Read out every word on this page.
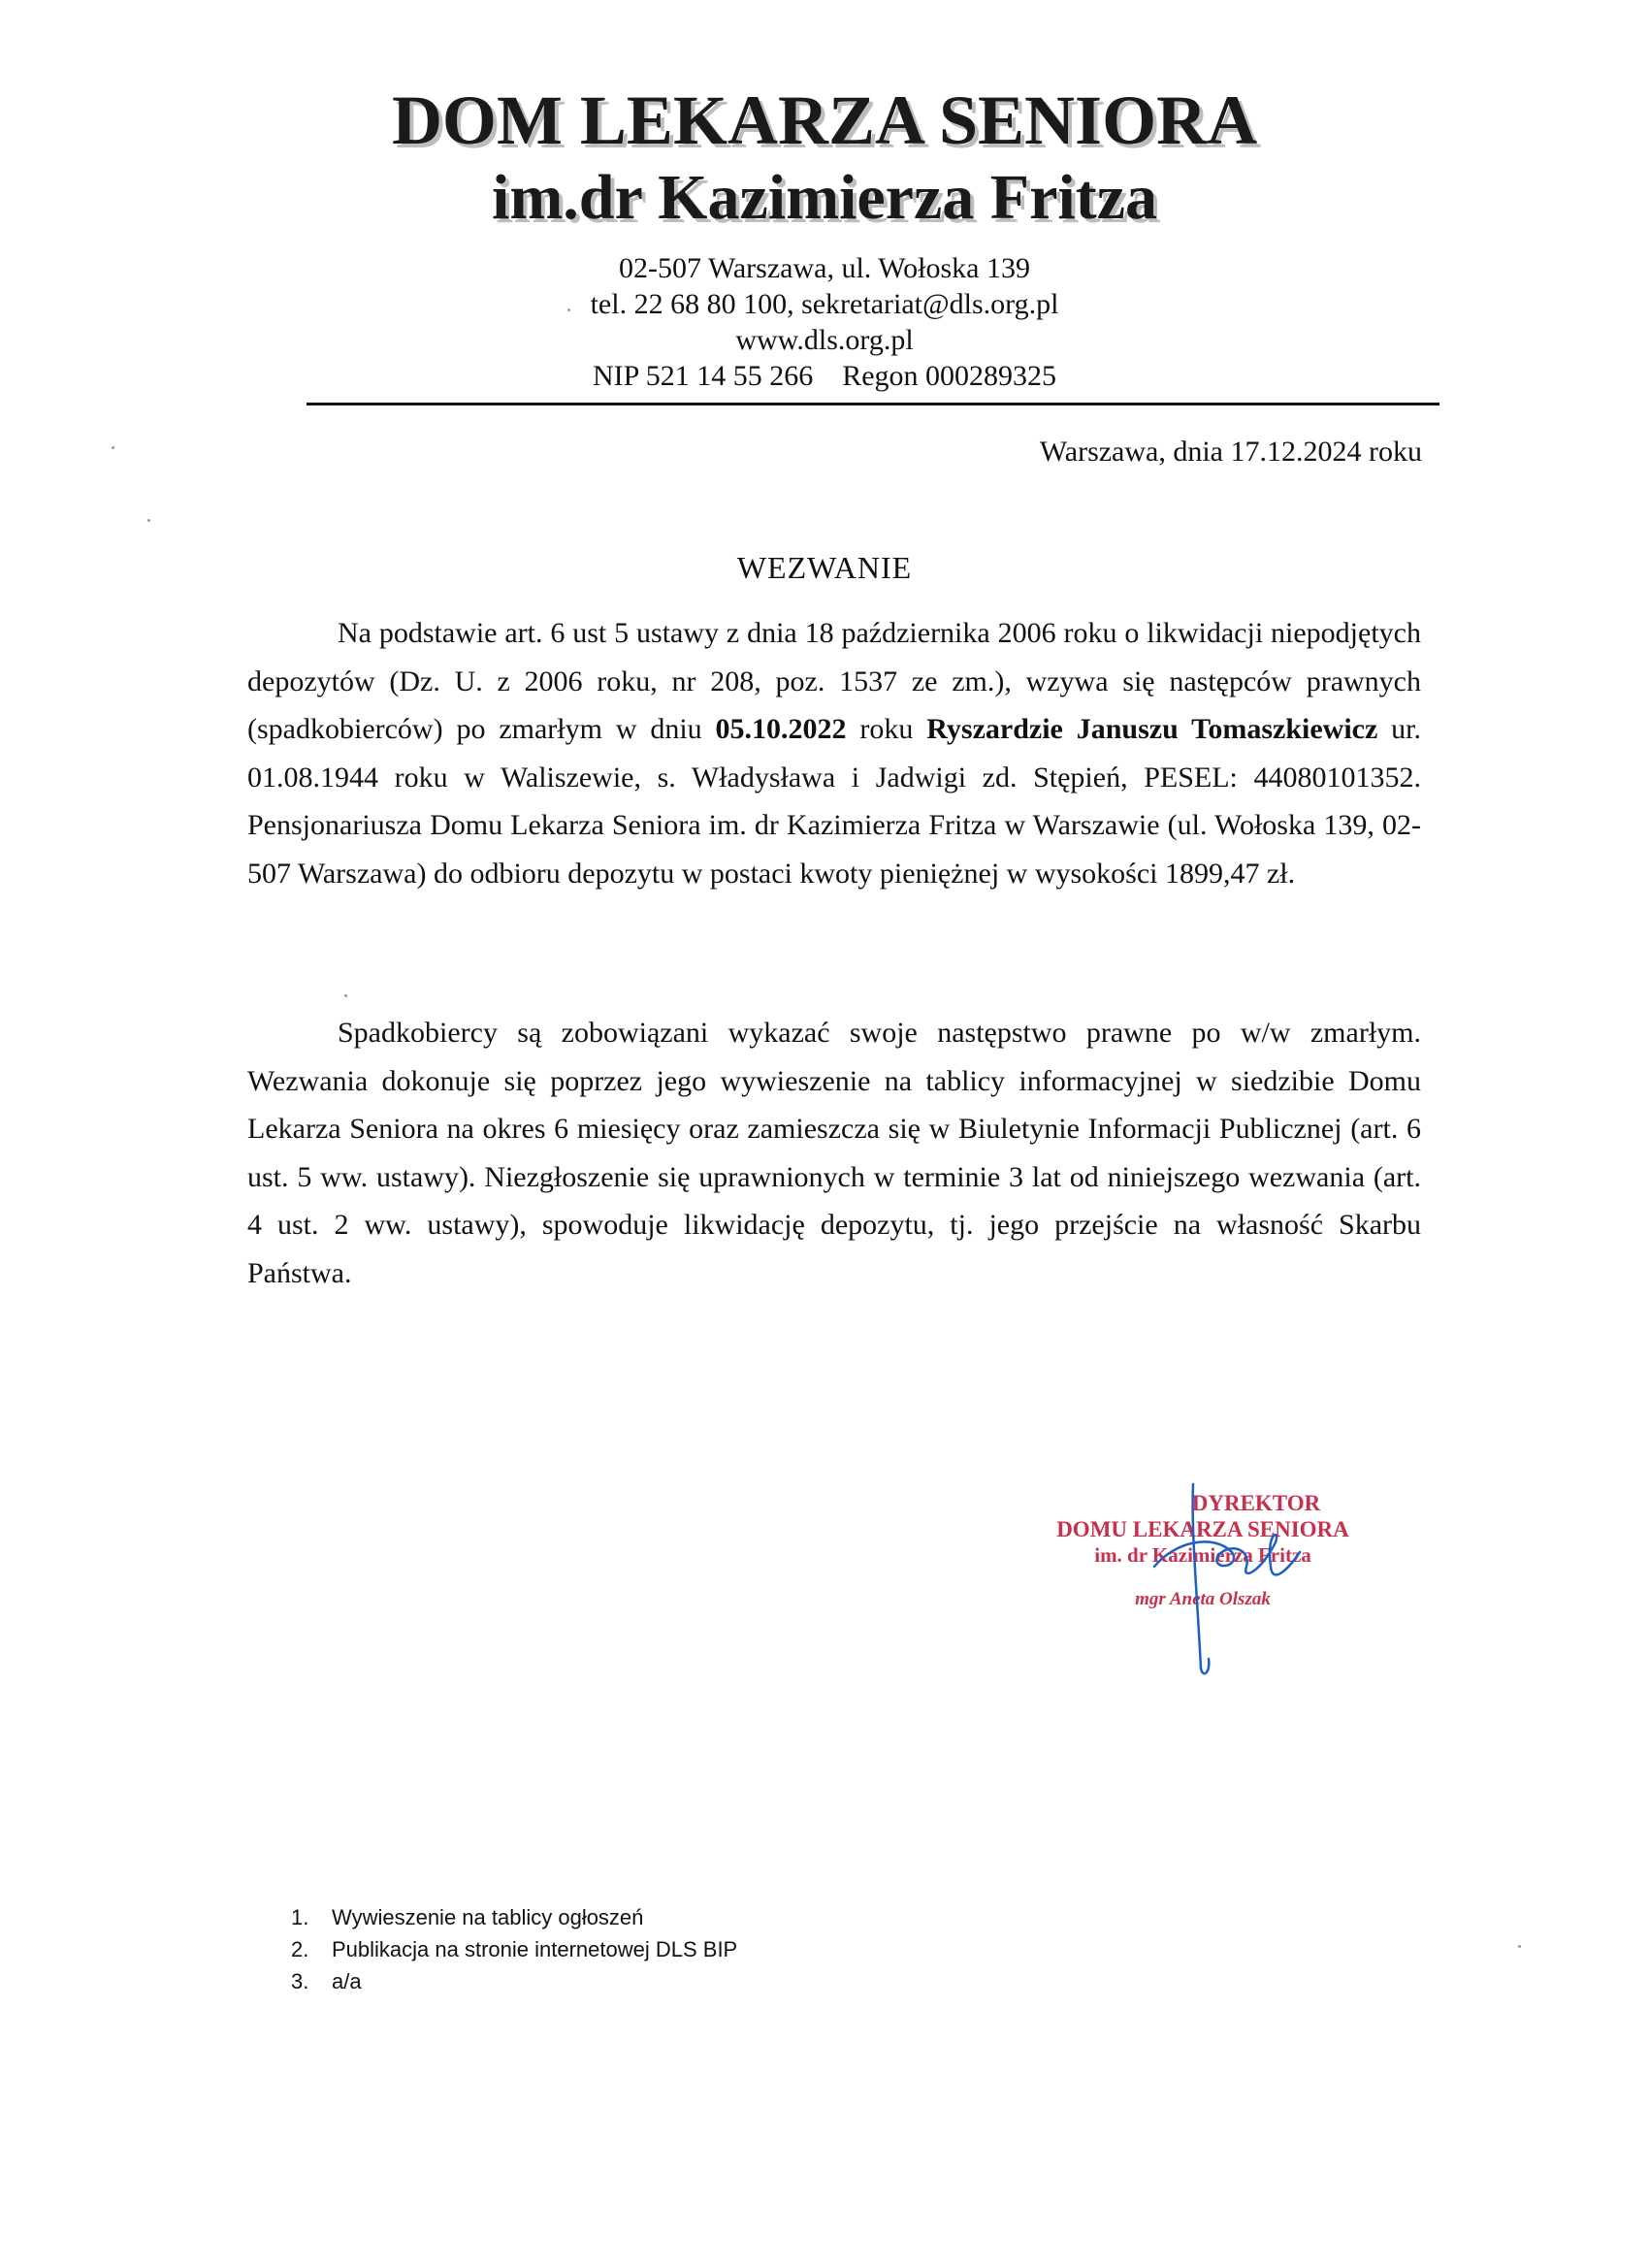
DOM LEKARZA SENIORA
im.dr Kazimierza Fritza
02-507 Warszawa, ul. Wołoska 139
tel. 22 68 80 100, sekretariat@dls.org.pl
www.dls.org.pl
NIP 521 14 55 266 Regon 000289325
Warszawa, dnia 17.12.2024 roku
WEZWANIE
Na podstawie art. 6 ust 5 ustawy z dnia 18 października 2006 roku o likwidacji niepodjętych depozytów (Dz. U. z 2006 roku, nr 208, poz. 1537 ze zm.), wzywa się następców prawnych (spadkobierców) po zmarłym w dniu 05.10.2022 roku Ryszardzie Januszu Tomaszkiewicz ur. 01.08.1944 roku w Waliszewie, s. Władysława i Jadwigi zd. Stępień, PESEL: 44080101352. Pensjonariusza Domu Lekarza Seniora im. dr Kazimierza Fritza w Warszawie (ul. Wołoska 139, 02-507 Warszawa) do odbioru depozytu w postaci kwoty pieniężnej w wysokości 1899,47 zł.
Spadkobiercy są zobowiązani wykazać swoje następstwo prawne po w/w zmarłym. Wezwania dokonuje się poprzez jego wywieszenie na tablicy informacyjnej w siedzibie Domu Lekarza Seniora na okres 6 miesięcy oraz zamieszcza się w Biuletynie Informacji Publicznej (art. 6 ust. 5 ww. ustawy). Niezgłoszenie się uprawnionych w terminie 3 lat od niniejszego wezwania (art. 4 ust. 2 ww. ustawy), spowoduje likwidację depozytu, tj. jego przejście na własność Skarbu Państwa.
DYREKTOR
DOMU LEKARZA SENIORA
im. dr Kazimierza Fritza
mgr Aneta Olszak
1.	Wywieszenie na tablicy ogłoszeń
2.	Publikacja na stronie internetowej DLS BIP
3.	a/a
